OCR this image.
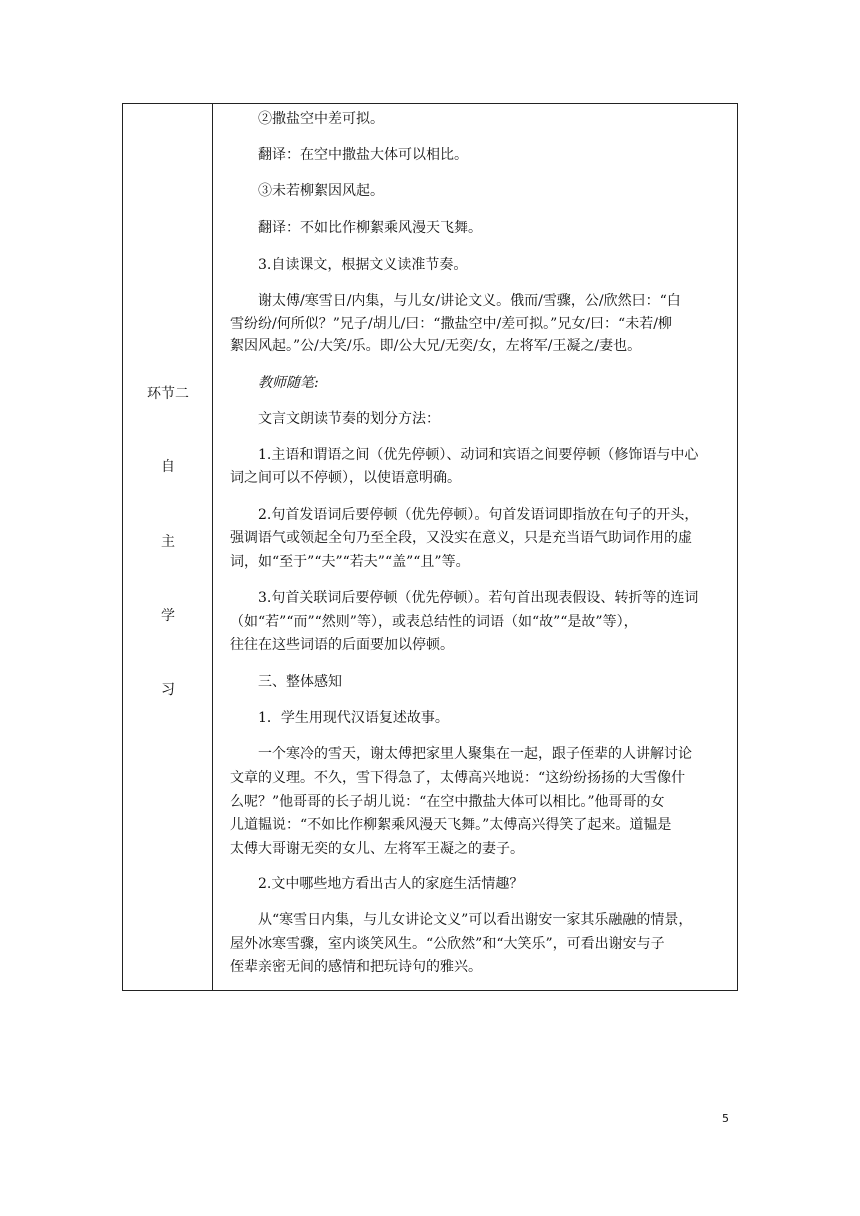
环节二
自
主
学
习
②撒盐空中差可拟。
翻译：在空中撒盐大体可以相比。
③未若柳絮因风起。
翻译：不如比作柳絮乘风漫天飞舞。
3.自读课文，根据文义读准节奏。
谢太傅/寒雪日/内集，与儿女/讲论文义。俄而/雪骤，公/欣然曰：“白
雪纷纷/何所似？”兄子/胡儿/曰：“撒盐空中/差可拟。”兄女/曰：“未若/柳
絮因风起。”公/大笑/乐。即/公大兄/无奕/女，左将军/王凝之/妻也。
教师随笔:
文言文朗读节奏的划分方法：
1.主语和谓语之间（优先停顿）、动词和宾语之间要停顿（修饰语与中心
词之间可以不停顿），以使语意明确。
2.句首发语词后要停顿（优先停顿）。句首发语词即指放在句子的开头，
强调语气或领起全句乃至全段，又没实在意义，只是充当语气助词作用的虚
词，如“至于”“夫”“若夫”“盖”“且”等。
3.句首关联词后要停顿（优先停顿）。若句首出现表假设、转折等的连词
（如“若”“而”“然则”等），或表总结性的词语（如“故”“是故”等），
往往在这些词语的后面要加以停顿。
三、整体感知
1．学生用现代汉语复述故事。
一个寒冷的雪天，谢太傅把家里人聚集在一起，跟子侄辈的人讲解讨论
文章的义理。不久，雪下得急了，太傅高兴地说：“这纷纷扬扬的大雪像什
么呢？”他哥哥的长子胡儿说：“在空中撒盐大体可以相比。”他哥哥的女
儿道韫说：“不如比作柳絮乘风漫天飞舞。”太傅高兴得笑了起来。道韫是
太傅大哥谢无奕的女儿、左将军王凝之的妻子。
2.文中哪些地方看出古人的家庭生活情趣？
从“寒雪日内集，与儿女讲论文义”可以看出谢安一家其乐融融的情景，
屋外冰寒雪骤，室内谈笑风生。“公欣然”和“大笑乐”，可看出谢安与子
侄辈亲密无间的感情和把玩诗句的雅兴。
5
